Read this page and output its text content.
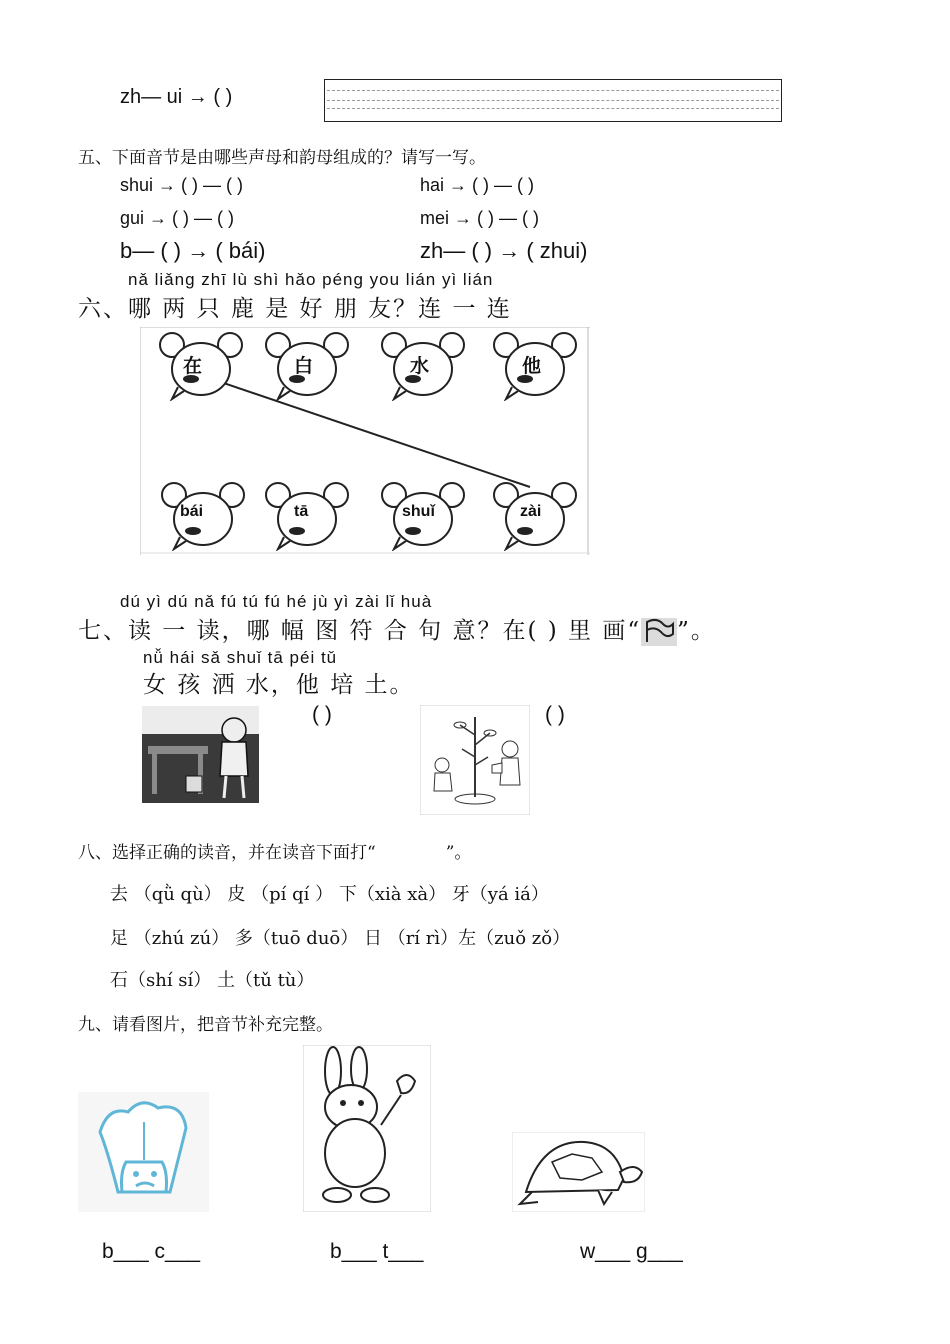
zh— ui → ( )
五、下面音节是由哪些声母和韵母组成的？请写一写。
shui → ( ) — ( )	hai → ( ) — ( )
gui → ( ) — ( )	mei → ( ) — ( )
b— ( ) → ( bái)	zh— ( ) → ( zhui)
nǎ liǎng zhī lù shì hǎo péng you lián yì lián
六、哪 两 只 鹿 是 好 朋 友？连 一 连
在	白	水	他
bái	tā	shuǐ	zài
dú yì dú nǎ fú tú fú hé jù yì zài lǐ huà
七、读 一 读，哪 幅 图 符 合 句 意？在( ) 里 画“ ”。
nǚ hái sǎ shuǐ tā péi tǔ
女 孩 洒 水，他 培 土。
( )	( )
八、选择正确的读音，并在读音下面打“	”。
去 （qǜ qù） 皮 （pí qí ） 下（xià xà） 牙（yá iá）
足 （zhú zú） 多（tuō duō） 日 （rí rì）左（zuǒ zǒ）
石（shí sí） 土（tǔ tù）
九、请看图片，把音节补充完整。
b___ c___	b___ t___	w___ g___
